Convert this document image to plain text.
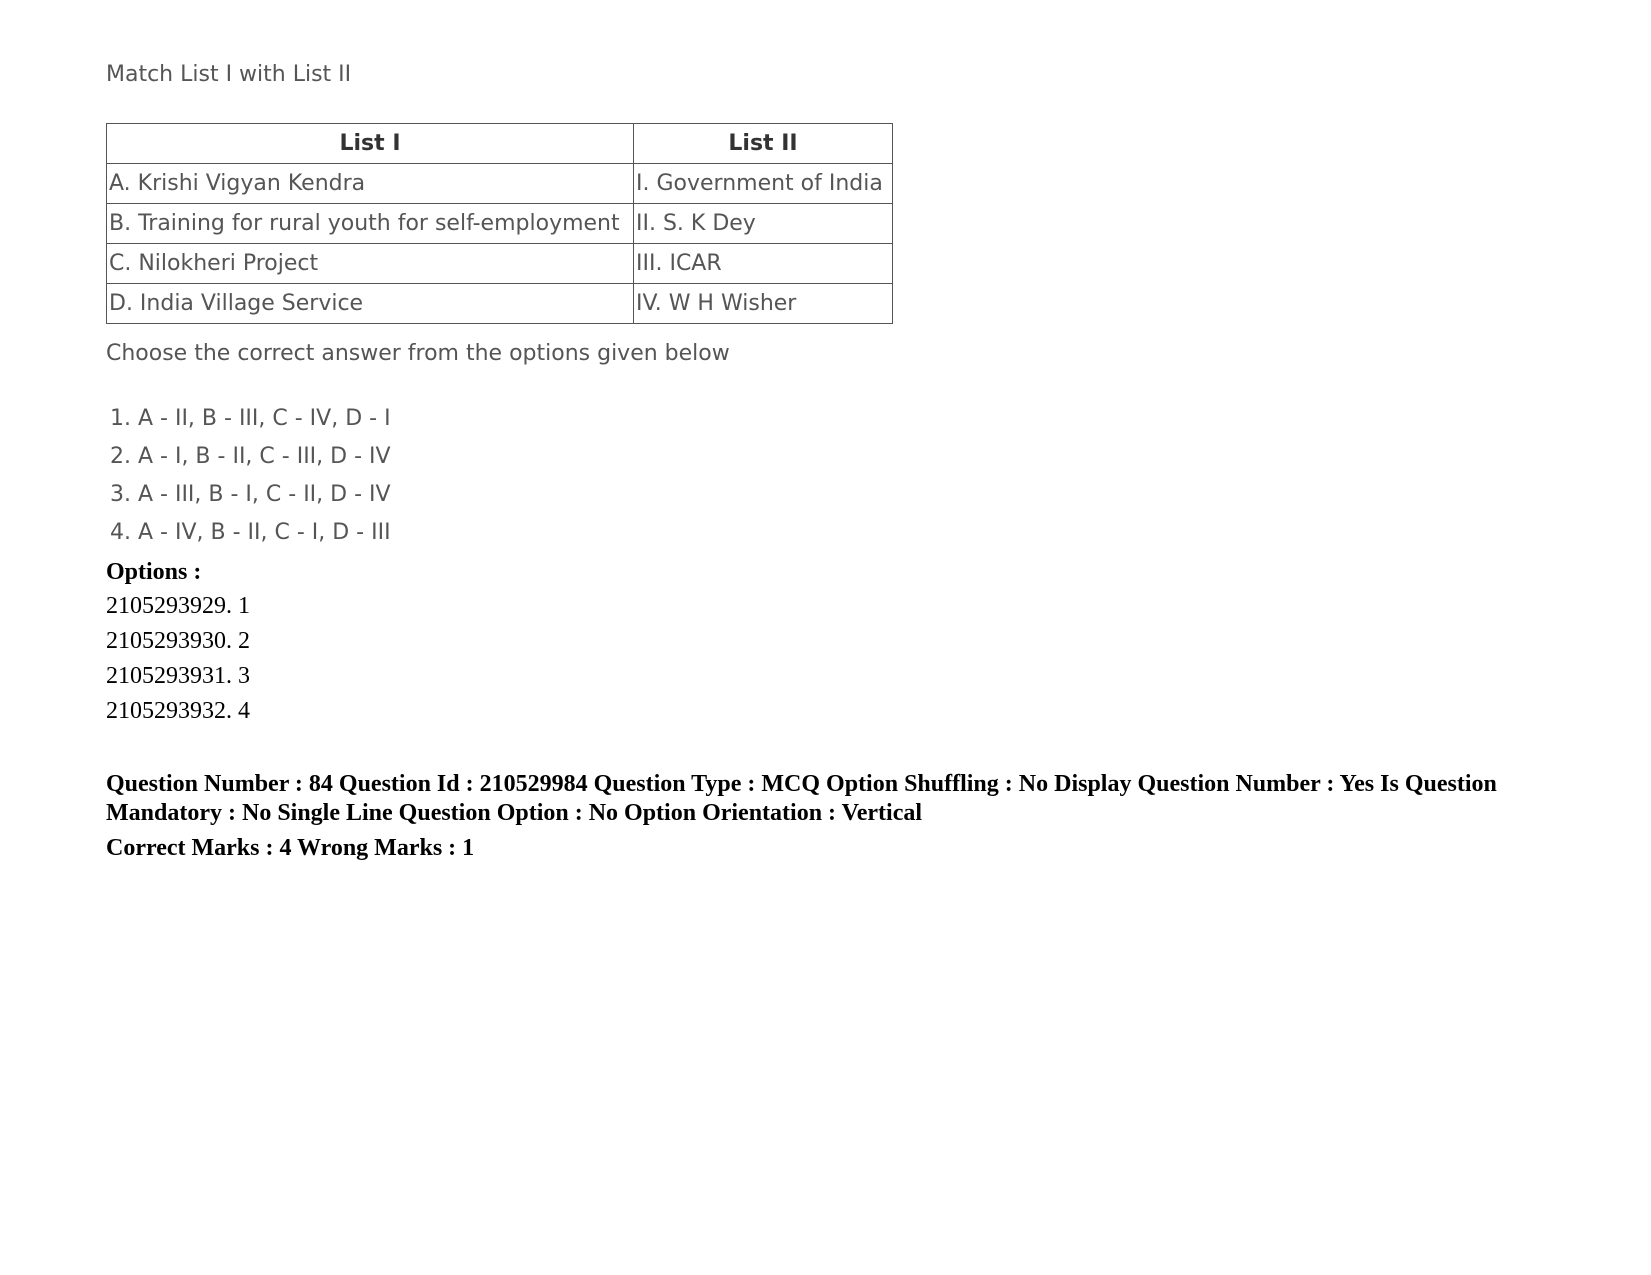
Match List I with List II

List I	List II
A. Krishi Vigyan Kendra	I. Government of India
B. Training for rural youth for self-employment	II. S. K Dey
C. Nilokheri Project	III. ICAR
D. India Village Service	IV. W H Wisher

Choose the correct answer from the options given below

1. A - II, B - III, C - IV, D - I
2. A - I, B - II, C - III, D - IV
3. A - III, B - I, C - II, D - IV
4. A - IV, B - II, C - I, D - III
Options :
2105293929. 1
2105293930. 2
2105293931. 3
2105293932. 4

Question Number : 84 Question Id : 210529984 Question Type : MCQ Option Shuffling : No Display Question Number : Yes Is Question Mandatory : No Single Line Question Option : No Option Orientation : Vertical

Correct Marks : 4 Wrong Marks : 1
